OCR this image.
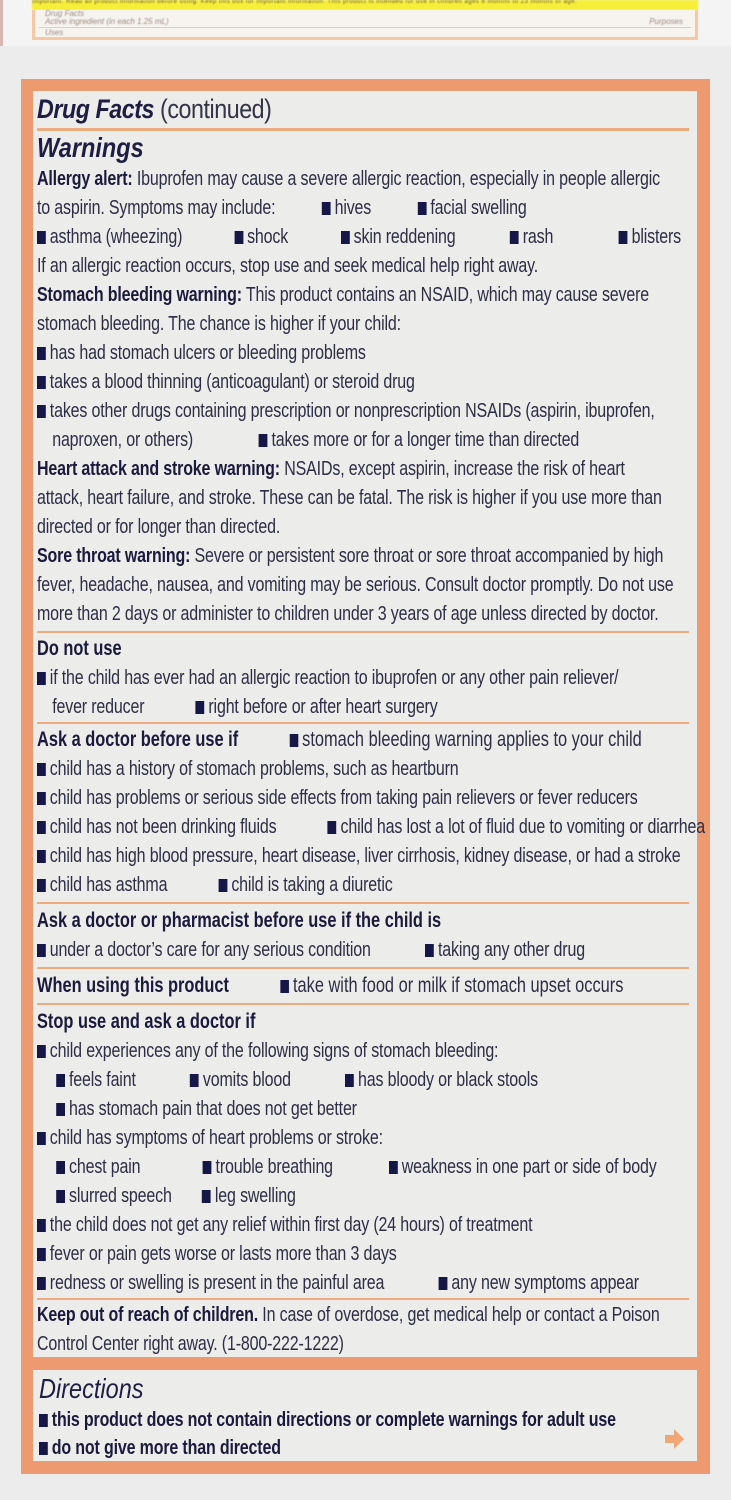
Important: Read all product information before using. Keep this box for important information. This product is intended for use in children ages 6 months to 23 months of age.
Drug Facts
Active ingredient (in each 1.25 mL)	Purposes
Uses
Drug Facts (continued)
Warnings
Allergy alert: Ibuprofen may cause a severe allergic reaction, especially in people allergic
to aspirin. Symptoms may include:	hives	facial swelling
asthma (wheezing)	shock	skin reddening	rash	blisters
If an allergic reaction occurs, stop use and seek medical help right away.
Stomach bleeding warning: This product contains an NSAID, which may cause severe
stomach bleeding. The chance is higher if your child:
has had stomach ulcers or bleeding problems
takes a blood thinning (anticoagulant) or steroid drug
takes other drugs containing prescription or nonprescription NSAIDs (aspirin, ibuprofen,
naproxen, or others)	takes more or for a longer time than directed
Heart attack and stroke warning: NSAIDs, except aspirin, increase the risk of heart
attack, heart failure, and stroke. These can be fatal. The risk is higher if you use more than
directed or for longer than directed.
Sore throat warning: Severe or persistent sore throat or sore throat accompanied by high
fever, headache, nausea, and vomiting may be serious. Consult doctor promptly. Do not use
more than 2 days or administer to children under 3 years of age unless directed by doctor.
Do not use
if the child has ever had an allergic reaction to ibuprofen or any other pain reliever/
fever reducer	right before or after heart surgery
Ask a doctor before use if	stomach bleeding warning applies to your child
child has a history of stomach problems, such as heartburn
child has problems or serious side effects from taking pain relievers or fever reducers
child has not been drinking fluids	child has lost a lot of fluid due to vomiting or diarrhea
child has high blood pressure, heart disease, liver cirrhosis, kidney disease, or had a stroke
child has asthma	child is taking a diuretic
Ask a doctor or pharmacist before use if the child is
under a doctor’s care for any serious condition	taking any other drug
When using this product	take with food or milk if stomach upset occurs
Stop use and ask a doctor if
child experiences any of the following signs of stomach bleeding:
feels faint	vomits blood	has bloody or black stools
has stomach pain that does not get better
child has symptoms of heart problems or stroke:
chest pain	trouble breathing	weakness in one part or side of body
slurred speech leg swelling
the child does not get any relief within first day (24 hours) of treatment
fever or pain gets worse or lasts more than 3 days
redness or swelling is present in the painful area	any new symptoms appear
Keep out of reach of children. In case of overdose, get medical help or contact a Poison
Control Center right away. (1-800-222-1222)
Directions
this product does not contain directions or complete warnings for adult use
do not give more than directed
